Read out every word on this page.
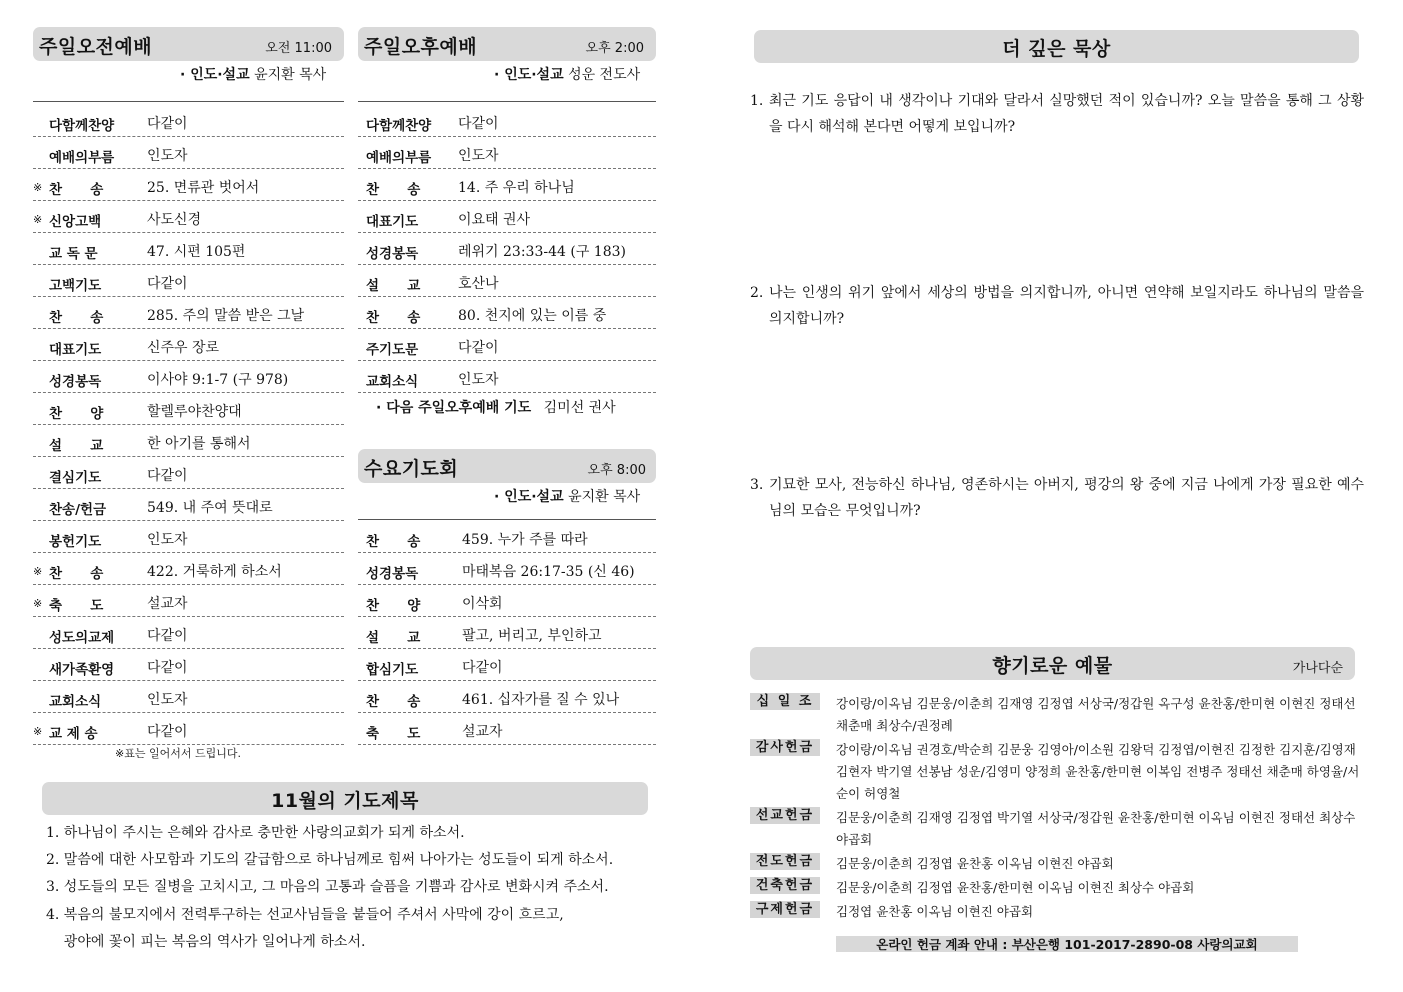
주일오전예배	오전 11:00
· 인도·설교 윤지환 목사
다함께찬양 다같이
예배의부름 인도자
※ 찬      송	25. 면류관 벗어서
※ 신앙고백	사도신경
교 독 문	47. 시편 105편
고백기도	다같이
찬      송	285. 주의 말씀 받은 그날
대표기도	신주우 장로
성경봉독	이사야 9:1-7 (구 978)
찬      양	할렐루야찬양대
설      교	한 아기를 통해서
결심기도	다같이
찬송/헌금	549. 내 주여 뜻대로
봉헌기도	인도자
※ 찬      송	422. 거룩하게 하소서
※ 축      도	설교자
성도의교제 다같이
새가족환영 다같이
교회소식	인도자
※ 교 제 송	다같이
※표는 일어서서 드립니다.
주일오후예배	오후 2:00
· 인도·설교 성운 전도사
다함께찬양 다같이
예배의부름 인도자
찬      송	14. 주 우리 하나님
대표기도	이요태 권사
성경봉독	레위기 23:33-44 (구 183)
설      교	호산나
찬      송	80. 천지에 있는 이름 중
주기도문	다같이
교회소식	인도자
· 다음 주일오후예배 기도 김미선 권사
수요기도회	오후 8:00
· 인도·설교 윤지환 목사
찬      송	459. 누가 주를 따라
성경봉독	마태복음 26:17-35 (신 46)
찬      양	이삭회
설      교	팔고, 버리고, 부인하고
합심기도	다같이
찬      송	461. 십자가를 질 수 있나
축      도	설교자
11월의 기도제목
1. 하나님이 주시는 은혜와 감사로 충만한 사랑의교회가 되게 하소서.
2. 말씀에 대한 사모함과 기도의 갈급함으로 하나님께로 힘써 나아가는 성도들이 되게 하소서.
3. 성도들의 모든 질병을 고치시고, 그 마음의 고통과 슬픔을 기쁨과 감사로 변화시켜 주소서.
4. 복음의 불모지에서 전력투구하는 선교사님들을 붙들어 주셔서 사막에 강이 흐르고,
광야에 꽃이 피는 복음의 역사가 일어나게 하소서.
더 깊은 묵상
1. 최근 기도 응답이 내 생각이나 기대와 달라서 실망했던 적이 있습니까? 오늘 말씀을 통해 그 상황을 다시 해석해 본다면 어떻게 보입니까?
2. 나는 인생의 위기 앞에서 세상의 방법을 의지합니까, 아니면 연약해 보일지라도 하나님의 말씀을 의지합니까?
3. 기묘한 모사, 전능하신 하나님, 영존하시는 아버지, 평강의 왕 중에 지금 나에게 가장 필요한 예수님의 모습은 무엇입니까?
향기로운 예물	가나다순
십 일 조	강이랑/이옥님 김문웅/이춘희 김재영 김정엽 서상국/정갑원 옥구성 윤찬홍/한미현 이현진 정태선 채춘매 최상수/권정례
감사헌금	강이랑/이옥님 권경호/박순희 김문웅 김영아/이소원 김왕덕 김정엽/이현진 김정한 김지훈/김영재 김현자 박기열 선봉남 성운/김영미 양정희 윤찬홍/한미현 이복임 전병주 정태선 채춘매 하영율/서순이 허영철
선교헌금	김문웅/이춘희 김재영 김정엽 박기열 서상국/정갑원 윤찬홍/한미현 이옥님 이현진 정태선 최상수 야곱회
전도헌금	김문웅/이춘희 김정엽 윤찬홍 이옥님 이현진 야곱회
건축헌금	김문웅/이춘희 김정엽 윤찬홍/한미현 이옥님 이현진 최상수 야곱회
구제헌금	김정엽 윤찬홍 이옥님 이현진 야곱회
온라인 헌금 계좌 안내 : 부산은행 101-2017-2890-08 사랑의교회
